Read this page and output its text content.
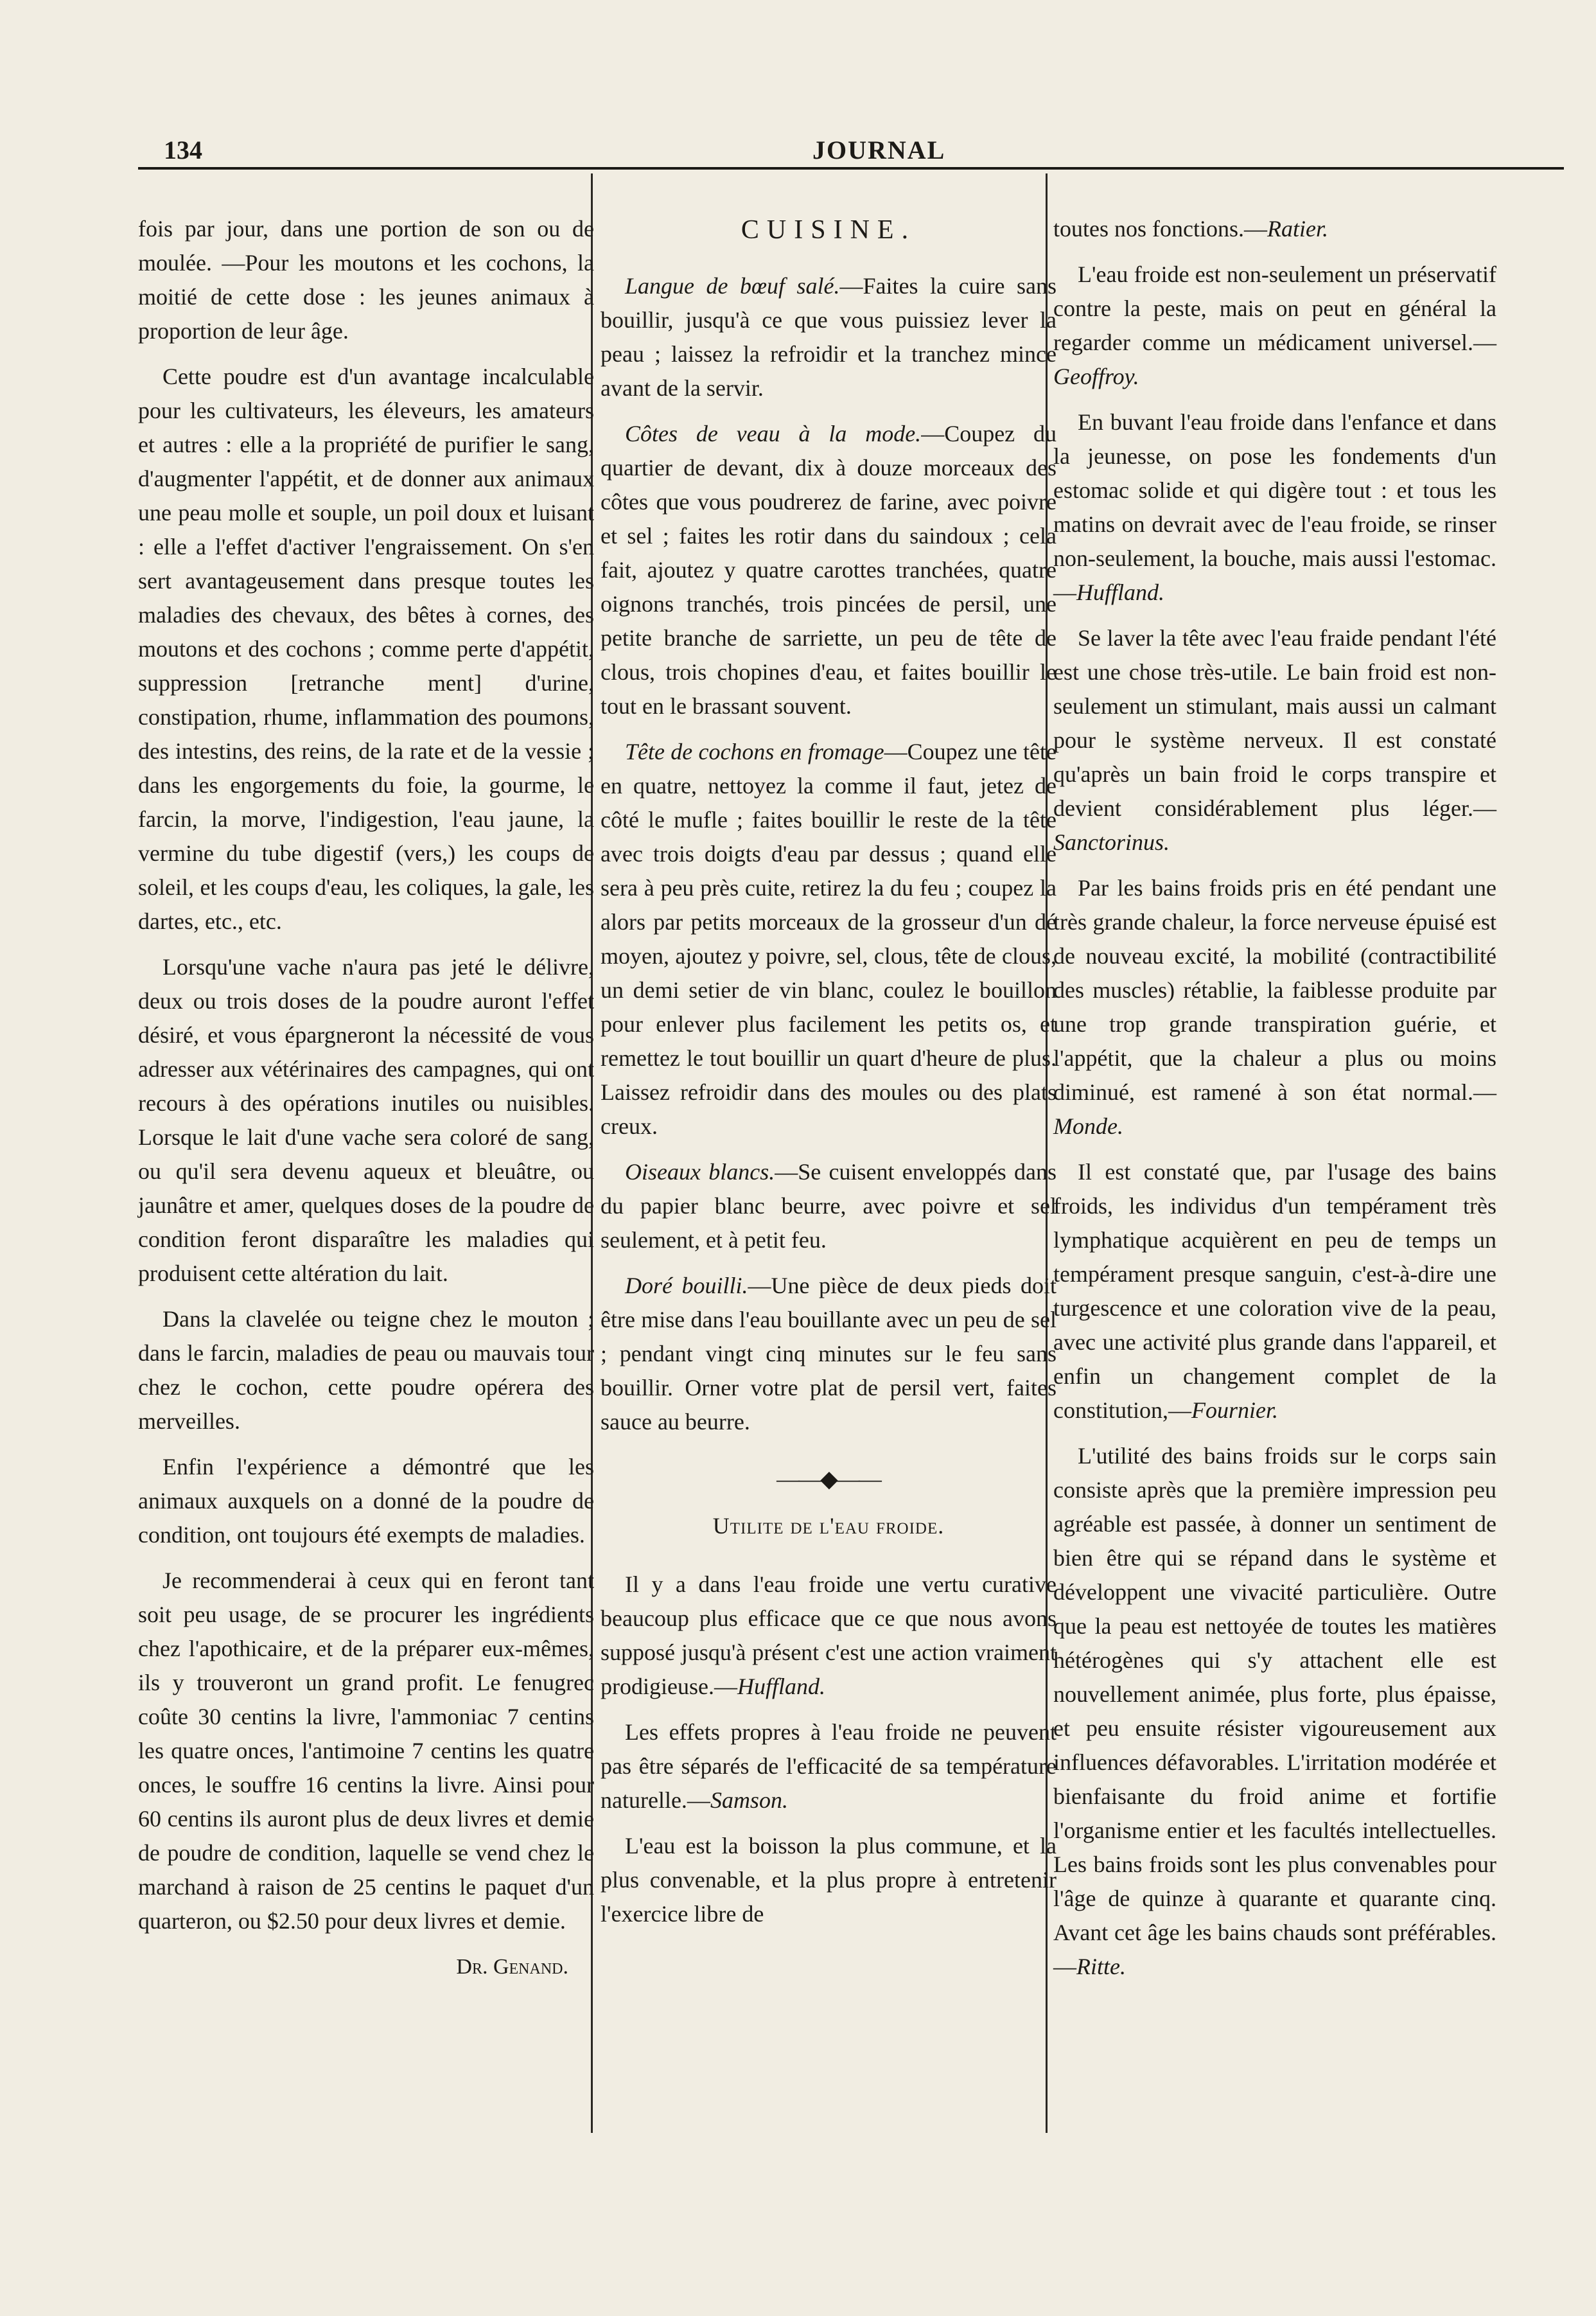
134	JOURNAL

fois par jour, dans une portion de son ou de moulée. —Pour les moutons et les cochons, la moitié de cette dose : les jeunes animaux à proportion de leur âge.

Cette poudre est d'un avantage incalculable pour les cultivateurs, les éleveurs, les amateurs et autres : elle a la propriété de purifier le sang, d'augmenter l'appétit, et de donner aux animaux une peau molle et souple, un poil doux et luisant : elle a l'effet d'activer l'engraissement. On s'en sert avantageusement dans presque toutes les maladies des chevaux, des bêtes à cornes, des moutons et des cochons ; comme perte d'appétit, suppression [retranche ment] d'urine, constipation, rhume, inflammation des poumons, des intestins, des reins, de la rate et de la vessie ; dans les engorgements du foie, la gourme, le farcin, la morve, l'indigestion, l'eau jaune, la vermine du tube digestif (vers,) les coups de soleil, et les coups d'eau, les coliques, la gale, les dartes, etc., etc.

Lorsqu'une vache n'aura pas jeté le délivre, deux ou trois doses de la poudre auront l'effet désiré, et vous épargneront la nécessité de vous adresser aux vétérinaires des campagnes, qui ont recours à des opérations inutiles ou nuisibles. Lorsque le lait d'une vache sera coloré de sang, ou qu'il sera devenu aqueux et bleuâtre, ou jaunâtre et amer, quelques doses de la poudre de condition feront disparaître les maladies qui produisent cette altération du lait.

Dans la clavelée ou teigne chez le mouton ; dans le farcin, maladies de peau ou mauvais tour chez le cochon, cette poudre opérera des merveilles.

Enfin l'expérience a démontré que les animaux auxquels on a donné de la poudre de condition, ont toujours été exempts de maladies.

Je recommenderai à ceux qui en feront tant soit peu usage, de se procurer les ingrédients chez l'apothicaire, et de la préparer eux-mêmes, ils y trouveront un grand profit. Le fenugrec coûte 30 centins la livre, l'ammoniac 7 centins les quatre onces, l'antimoine 7 centins les quatre onces, le souffre 16 centins la livre. Ainsi pour 60 centins ils auront plus de deux livres et demie de poudre de condition, laquelle se vend chez le marchand à raison de 25 centins le paquet d'un quarteron, ou $2.50 pour deux livres et demie.

Dr. Genand.
CUISINE.

Langue de bœuf salé.—Faites la cuire sans bouillir, jusqu'à ce que vous puissiez lever la peau ; laissez la refroidir et la tranchez mince avant de la servir.

Côtes de veau à la mode.—Coupez du quartier de devant, dix à douze morceaux des côtes que vous poudrerez de farine, avec poivre et sel ; faites les rotir dans du saindoux ; cela fait, ajoutez y quatre carottes tranchées, quatre oignons tranchés, trois pincées de persil, une petite branche de sarriette, un peu de tête de clous, trois chopines d'eau, et faites bouillir le tout en le brassant souvent.

Tête de cochons en fromage—Coupez une tête en quatre, nettoyez la comme il faut, jetez de côté le mufle ; faites bouillir le reste de la tête avec trois doigts d'eau par dessus ; quand elle sera à peu près cuite, retirez la du feu ; coupez la alors par petits morceaux de la grosseur d'un dé moyen, ajoutez y poivre, sel, clous, tête de clous, un demi setier de vin blanc, coulez le bouillon pour enlever plus facilement les petits os, et remettez le tout bouillir un quart d'heure de plus. Laissez refroidir dans des moules ou des plats creux.

Oiseaux blancs.—Se cuisent enveloppés dans du papier blanc beurre, avec poivre et sel seulement, et à petit feu.

Doré bouilli.—Une pièce de deux pieds doit être mise dans l'eau bouillante avec un peu de sel ; pendant vingt cinq minutes sur le feu sans bouillir. Orner votre plat de persil vert, faites sauce au beurre.

——◆——
Utilite de l'eau froide.

Il y a dans l'eau froide une vertu curative beaucoup plus efficace que ce que nous avons supposé jusqu'à présent c'est une action vraiment prodigieuse.—Huffland.

Les effets propres à l'eau froide ne peuvent pas être séparés de l'efficacité de sa température naturelle.—Samson.

L'eau est la boisson la plus commune, et la plus convenable, et la plus propre à entretenir l'exercice libre de

toutes nos fonctions.—Ratier.

L'eau froide est non-seulement un préservatif contre la peste, mais on peut en général la regarder comme un médicament universel.—Geoffroy.

En buvant l'eau froide dans l'enfance et dans la jeunesse, on pose les fondements d'un estomac solide et qui digère tout : et tous les matins on devrait avec de l'eau froide, se rinser non-seulement, la bouche, mais aussi l'estomac.—Huffland.

Se laver la tête avec l'eau fraide pendant l'été est une chose très-utile. Le bain froid est non-seulement un stimulant, mais aussi un calmant pour le système nerveux. Il est constaté qu'après un bain froid le corps transpire et devient considérablement plus léger.—Sanctorinus.

Par les bains froids pris en été pendant une très grande chaleur, la force nerveuse épuisé est de nouveau excité, la mobilité (contractibilité des muscles) rétablie, la faiblesse produite par une trop grande transpiration guérie, et l'appétit, que la chaleur a plus ou moins diminué, est ramené à son état normal.—Monde.

Il est constaté que, par l'usage des bains froids, les individus d'un tempérament très lymphatique acquièrent en peu de temps un tempérament presque sanguin, c'est-à-dire une turgescence et une coloration vive de la peau, avec une activité plus grande dans l'appareil, et enfin un changement complet de la constitution,—Fournier.

L'utilité des bains froids sur le corps sain consiste après que la première impression peu agréable est passée, à donner un sentiment de bien être qui se répand dans le système et développent une vivacité particulière. Outre que la peau est nettoyée de toutes les matières hétérogènes qui s'y attachent elle est nouvellement animée, plus forte, plus épaisse, et peu ensuite résister vigoureusement aux influences défavorables. L'irritation modérée et bienfaisante du froid anime et fortifie l'organisme entier et les facultés intellectuelles. Les bains froids sont les plus convenables pour l'âge de quinze à quarante et quarante cinq. Avant cet âge les bains chauds sont préférables.—Ritte.
